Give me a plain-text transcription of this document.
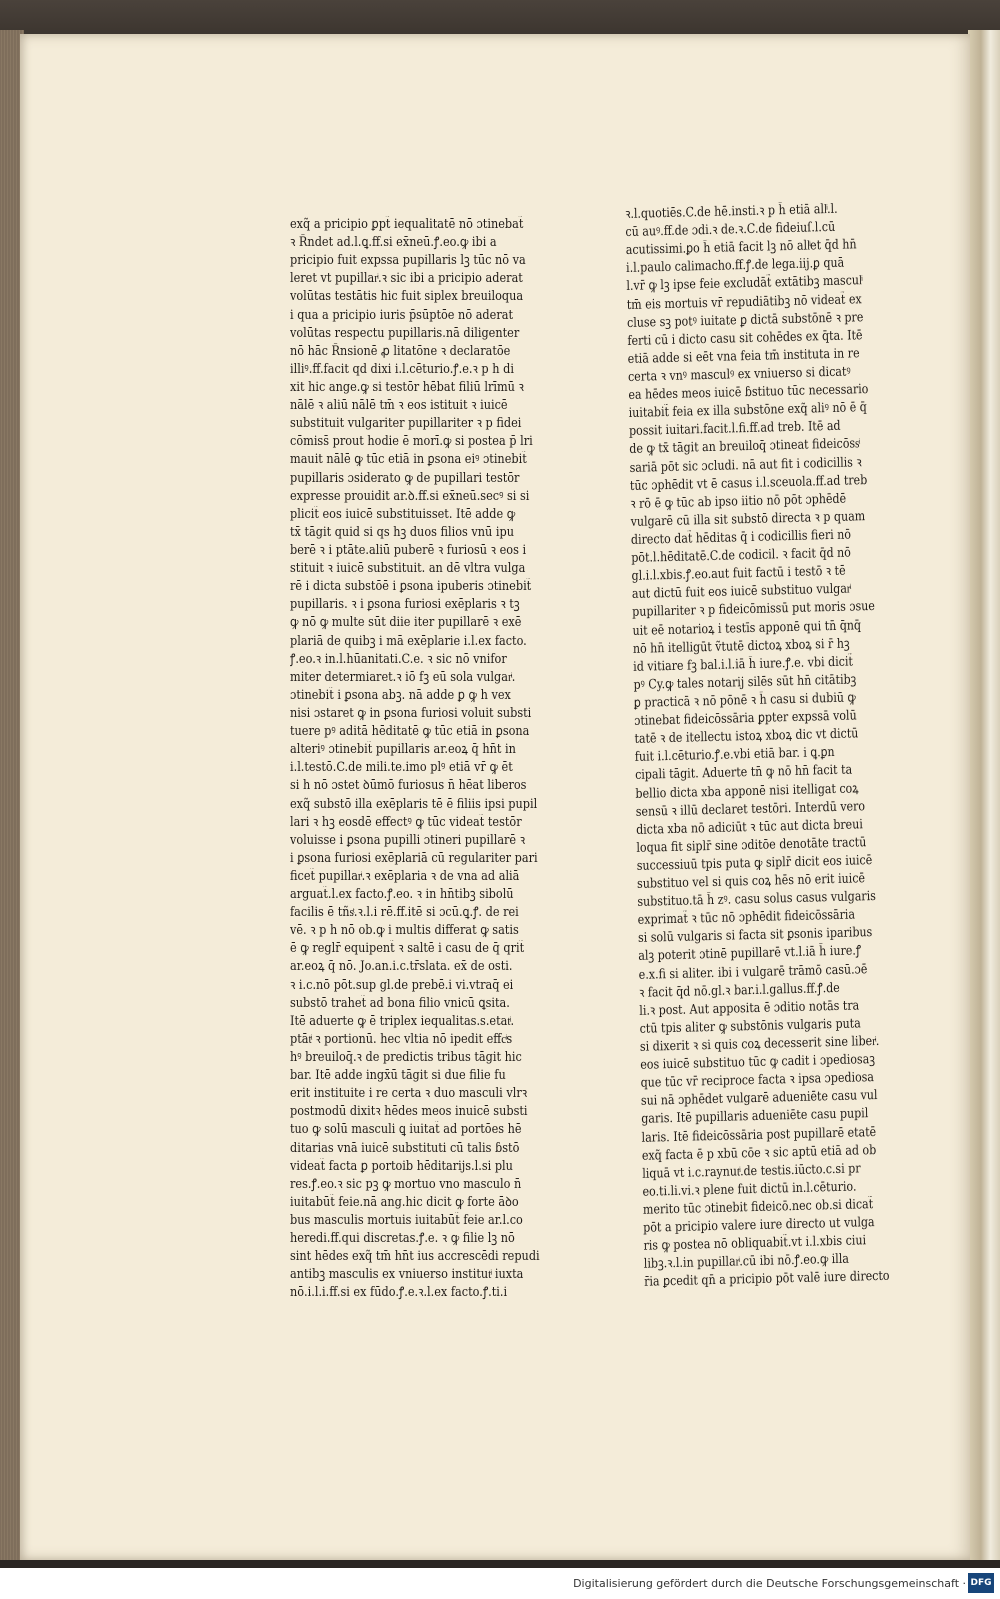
exq̃ a pricipio ꝑpt̃ iequalitatē nō ɔtinebat̃
ꝛ R̄ndet ad.l.ꝗ.ff.si ex̄neū.ꝭ.eo.ꝙ ibi a
pricipio fuit expssa pupillaris lꝫ tūc nō va
leret vt pupillarͥ.ꝛ sic ibi a pricipio aderat
volūtas testātis hic fuit siplex breuiloqua
i qua a pricipio iuris p̄sūptōe nō aderat
volūtas respectu pupillaris.nā diligenter
nō hāc R̄nsionē ꝓ litatōne ꝛ declaratōe
illiꝰ.ff.facit qd̄ dixi i.l.cēturio.ꝭ.e.ꝛ p h̄ di
xit hic ange.ꝙ si testōr hēbat filiū lrīmū ꝛ
nālē ꝛ aliū nālē tm̄ ꝛ eos istituit ꝛ iuicē
substituit vulgariter pupillariter ꝛ p fidei
cōmiss̄ prout hodie ē morī.ꝙ si postea p̄ lri
mauit nālē ꝙ tūc etiā in ꝑsona eiꝰ ɔtinebit̃
pupillaris ɔsiderato ꝙ de pupillari testōr
expresse prouidit ar.ꝺ.ff.si ex̄neū.secꝰ si si
plicit̃ eos iuicē substituisset. Itē adde ꝙ
tx̄ tāgit quid si qs hꝫ duos filios vnū ipu
berē ꝛ i ptāte.aliū puberē ꝛ furiosū ꝛ eos i
stituit ꝛ iuicē substituit. an dē vltra vulga
rē i dicta substōē i ꝑsona ipuberis ɔtinebit̃
pupillaris. ꝛ i ꝑsona furiosi exēplaris ꝛ tꝫ
ꝙ nō ꝙ multe sūt diie iter pupillarē ꝛ exē
plariā de quibꝫ i mā exēplarie i.l.ex facto.
ꝭ.eo.ꝛ in.l.hūanitati.C.e. ꝛ sic nō vnifor
miter determiaret.ꝛ iō fꝫ eū sola vulgarͥ.
ɔtinebit̃ i ꝑsona abꝫ. nā adde ꝑ ꝙ h̄ vex
nisi ɔstaret ꝙ in ꝑsona furiosi voluit substi
tuere pꝰ aditā hēditatē ꝙ tūc etiā in ꝑsona
alteriꝰ ɔtinebit̃ pupillaris ar.eoꝝ q̄ hn̄t in
i.l.testō.C.de mili.te.imo plꝰ etiā vr̄ ꝙ ēt
si h̄ nō ɔstet ꝺūmō furiosus n̄ hēat liberos
exq̃ substō illa exēplaris tē ē filiis ipsi pupil
lari ꝛ hꝫ eosdē effectꝰ ꝙ tūc videat̃ testōr
voluisse i ꝑsona pupilli ɔtineri pupillarē ꝛ
i ꝑsona furiosi exēplariā cū regulariter pari
ficet̃ pupillarͥ.ꝛ exēplaria ꝛ de vna ad aliā
arguat̃.l.ex facto.ꝭ.eo. ꝛ in hn̄tibꝫ sibolū
facilis ē tñsͭ.ꝛ.l.i rē.ff.itē si ɔcū.ꝗ.ꝭ. de rei
vē. ꝛ p h̄ nō ob.ꝙ i multis differat ꝙ satis
ē ꝙ reglr̄ equipent̃ ꝛ saltē i casu de q̄ qrit̃
ar.eoꝝ q̄ nō. Jo.an.i.c.tr̄slata. ex̄ de osti.
ꝛ i.c.nō pōt.sup gl.de prebē.i vi.vtraq̄ ei
substō trahet̃ ad bona filio vnicū ꝗsita.
Itē aduerte ꝙ ē triplex iequalitas.s.etatͥ.
ptātͥ ꝛ portionū. hec vltia nō ipedit effcͥs
hꝰ breuiloq̄.ꝛ de predictis tribus tāgit hic
bar. Itē adde ingx̄ū tāgit si due filie fu
erit instituite i re certa ꝛ duo masculi vlrꝛ
postmodū dixitꝛ hēdes meos inuicē substi
tuo ꝙ solū masculi ꝗ iuitat̃ ad portōes hē
ditarias vnā iuicē substituti cū talis ɓstō
videat̃ facta ꝑ portoib hēditarijs.l.si plu
res.ꝭ.eo.ꝛ sic pꝫ ꝙ mortuo vno masculo n̄
iuitabūt̃ feie.nā ang.hic dicit ꝙ forte āꝺo
bus masculis mortuis iuitabūt̃ feie ar.l.co
heredi.ff.qui discretas.ꝭ.e. ꝛ ꝙ filie lꝫ nō
sint hēdes exq̃ tm̄ hn̄t ius accrescēdi repudi
antibꝫ masculis ex vniuerso institutͥ iuxta
nō.i.l.i.ff.si ex fūdo.ꝭ.e.ꝛ.l.ex facto.ꝭ.ti.i
ꝛ.l.quotiēs.C.de hē.insti.ꝛ p h̄ etiā allͥ.l.
cū auꝰ.ff.de ɔdi.ꝛ de.ꝛ.C.de fideiuſ.l.cū
acutissimi.ꝑo h̄ etiā facit lꝫ nō allͥet q̄d hn̄
i.l.paulo calimacho.ff.ꝭ.de lega.iij.ꝑ quā
l.vr̄ ꝙ lꝫ ipse feie excludāt̃ extātibꝫ masculͥ
tm̄ eis mortuis vr̄ repudiātibꝫ nō videat̃ ex
cluse sꝫ potꝰ iuitate ꝑ dictā substōnē ꝛ pre
ferti cū i dicto casu sit cohēdes ex q̄ta. Itē
etiā adde si eēt vna feia tm̄ instituta in re
certa ꝛ vnꝰ masculꝰ ex vniuerso si dicatꝰ
ea hēdes meos iuicē ɓstituo tūc necessario
iuitabit̃ feia ex illa substōne exq̃ aliꝰ nō ē q̄
possit iuitari.facit.l.fi.ff.ad treb. Itē ad
de ꝙ tx̄ tāgit an breuiloq̄ ɔtineat fideicōssͥ
sariā pōt sic ɔcludi. nā aut fit i codicillis ꝛ
tūc ɔphēdit vt ē casus i.l.sceuola.ff.ad treb
ꝛ rō ē ꝙ tūc ab ipso iitio nō pōt ɔphēdē
vulgarē cū illa sit substō directa ꝛ p quam
directo dat̃ hēditas q̄ i codicillis fieri nō
pōt.l.hēditatē.C.de codicil. ꝛ facit q̄d nō
gl.i.l.xbis.ꝭ.eo.aut fuit factū i testō ꝛ tē
aut dictū fuit eos iuicē substituo vulgarͥ
pupillariter ꝛ p fideicōmissū put moris ɔsue
uit eē notarioꝝ i testīs apponē qui tn̄ q̄nq̄
nō hn̄ itelligūt ṽtutē dictoꝝ xboꝝ si r̄ hꝫ
id vitiare fꝫ bal.i.l.iā h̄ iure.ꝭ.e. vbi dicit̃
pꝰ Cy.ꝙ tales notarij silēs sūt hn̄ citātibꝫ
ꝑ practicā ꝛ nō pōnē ꝛ h̄ casu si dubiū ꝙ
ɔtinebat fideicōssāria ꝑpter expssā volū
tatē ꝛ de itellectu istoꝝ xboꝝ dic vt dictū
fuit i.l.cēturio.ꝭ.e.vbi etiā bar. i ꝗ.ꝑn
cipali tāgit. Aduerte tn̄ ꝙ nō hn̄ facit ta
bellio dicta xba apponē nisi itelligat coꝝ
sensū ꝛ illū declaret testōri. Interdū vero
dicta xba nō adiciūt ꝛ tūc aut dicta breui
loqua fit siplr̄ sine ɔditōe denotāte tractū
successiuū tpis puta ꝙ siplr̄ dicit eos iuicē
substituo vel si quis coꝝ hēs nō erit iuicē
substituo.tā h̄ zꝰ. casu solus casus vulgaris
exprimat̃ ꝛ tūc nō ɔphēdit fideicōssāria
si solū vulgaris si facta sit ꝑsonis iparibus
alꝫ poterit ɔtinē pupillarē vt.l.iā h̄ iure.ꝭ
e.x.fi si aliter. ibi i vulgarē trāmō casū.ɔē
ꝛ facit q̄d nō.gl.ꝛ bar.i.l.gallus.ff.ꝭ.de
li.ꝛ post. Aut apposita ē ɔditio notās tra
ctū tpis aliter ꝙ substōnis vulgaris puta
si dixerit ꝛ si quis coꝝ decesserit sine liberͥ.
eos iuicē substituo tūc ꝙ cadit i ɔpediosaꝫ
que tūc vr̄ reciproce facta ꝛ ipsa ɔpediosa
sui nā ɔphēdet vulgarē adueniēte casu vul
garis. Itē pupillaris adueniēte casu pupil
laris. Itē fideicōssāria post pupillarē etatē
exq̃ facta ē p xbū cōe ꝛ sic aptū etiā ad ob
liquā vt i.c.raynutͥ.de testis.iūcto.c.si pr
eo.ti.li.vi.ꝛ plene fuit dictū in.l.cēturio.
merito tūc ɔtinebit fideicō.nec ob.si dicat̃
pōt a pricipio valere iure directo ut vulga
ris ꝙ postea nō obliquabit̃.vt i.l.xbis ciui
libꝫ.ꝛ.l.in pupillarͥ.cū ibi nō.ꝭ.eo.ꝙ illa
r̄ia ꝑcedit qn̄ a pricipio pōt valē iure directo
Digitalisierung gefördert durch die Deutsche Forschungsgemeinschaft · DFG
